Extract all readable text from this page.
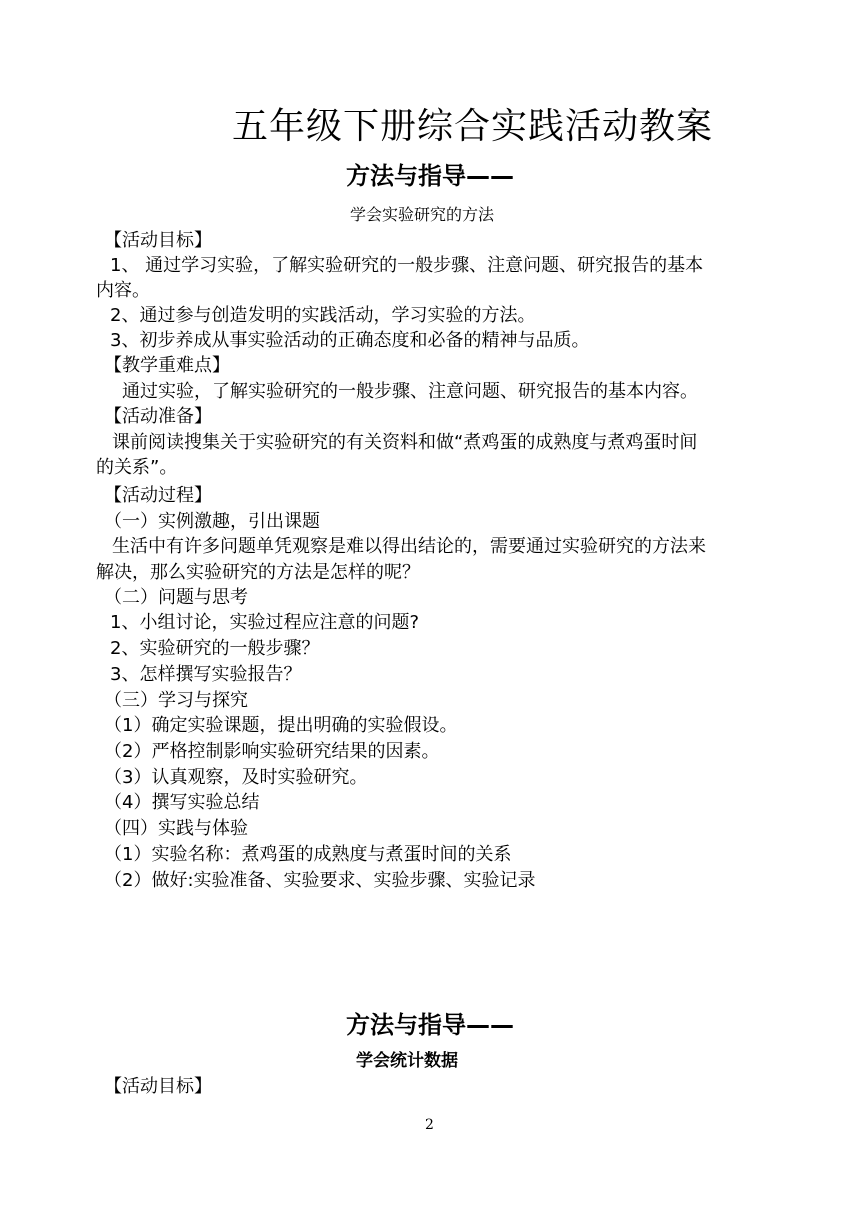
五年级下册综合实践活动教案
方法与指导——
学会实验研究的方法
【活动目标】
1、 通过学习实验，了解实验研究的一般步骤、注意问题、研究报告的基本
内容。
2、通过参与创造发明的实践活动，学习实验的方法。
3、初步养成从事实验活动的正确态度和必备的精神与品质。
【教学重难点】
通过实验，了解实验研究的一般步骤、注意问题、研究报告的基本内容。
【活动准备】
课前阅读搜集关于实验研究的有关资料和做“煮鸡蛋的成熟度与煮鸡蛋时间
的关系”。
【活动过程】
（一）实例激趣，引出课题
生活中有许多问题单凭观察是难以得出结论的，需要通过实验研究的方法来
解决，那么实验研究的方法是怎样的呢？
（二）问题与思考
1、小组讨论，实验过程应注意的问题?
2、实验研究的一般步骤？
3、怎样撰写实验报告？
（三）学习与探究
（1）确定实验课题，提出明确的实验假设。
（2）严格控制影响实验研究结果的因素。
（3）认真观察，及时实验研究。
（4）撰写实验总结
（四）实践与体验
（1）实验名称：煮鸡蛋的成熟度与煮蛋时间的关系
（2）做好:实验准备、实验要求、实验步骤、实验记录
方法与指导——
学会统计数据
【活动目标】
2
